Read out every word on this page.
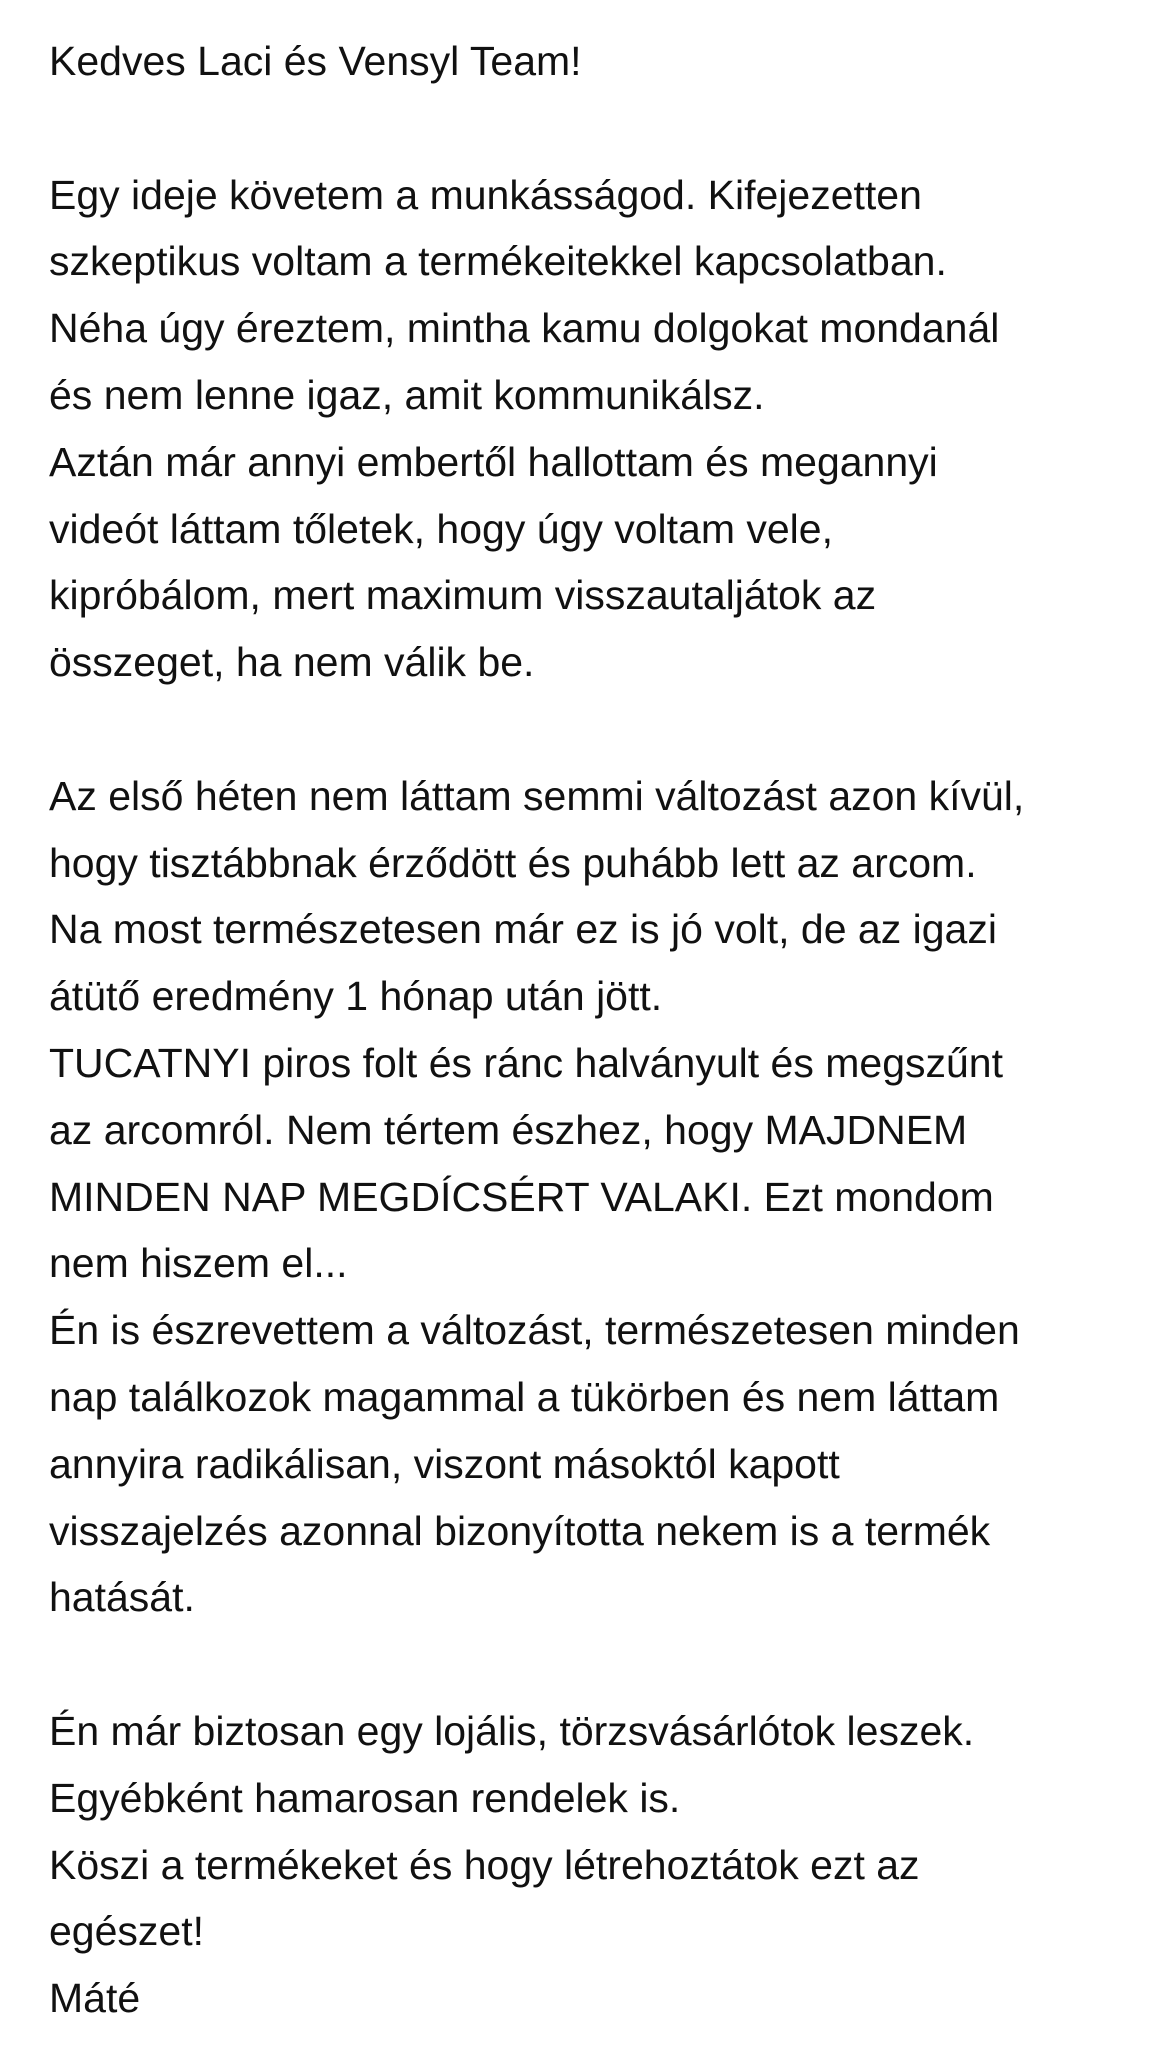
Kedves Laci és Vensyl Team!
Egy ideje követem a munkásságod. Kifejezetten
szkeptikus voltam a termékeitekkel kapcsolatban.
Néha úgy éreztem, mintha kamu dolgokat mondanál
és nem lenne igaz, amit kommunikálsz.
Aztán már annyi embertől hallottam és megannyi
videót láttam tőletek, hogy úgy voltam vele,
kipróbálom, mert maximum visszautaljátok az
összeget, ha nem válik be.
Az első héten nem láttam semmi változást azon kívül,
hogy tisztábbnak érződött és puhább lett az arcom.
Na most természetesen már ez is jó volt, de az igazi
átütő eredmény 1 hónap után jött.
TUCATNYI piros folt és ránc halványult és megszűnt
az arcomról. Nem tértem észhez, hogy MAJDNEM
MINDEN NAP MEGDÍCSÉRT VALAKI. Ezt mondom
nem hiszem el...
Én is észrevettem a változást, természetesen minden
nap találkozok magammal a tükörben és nem láttam
annyira radikálisan, viszont másoktól kapott
visszajelzés azonnal bizonyította nekem is a termék
hatását.
Én már biztosan egy lojális, törzsvásárlótok leszek.
Egyébként hamarosan rendelek is.
Köszi a termékeket és hogy létrehoztátok ezt az
egészet!
Máté
